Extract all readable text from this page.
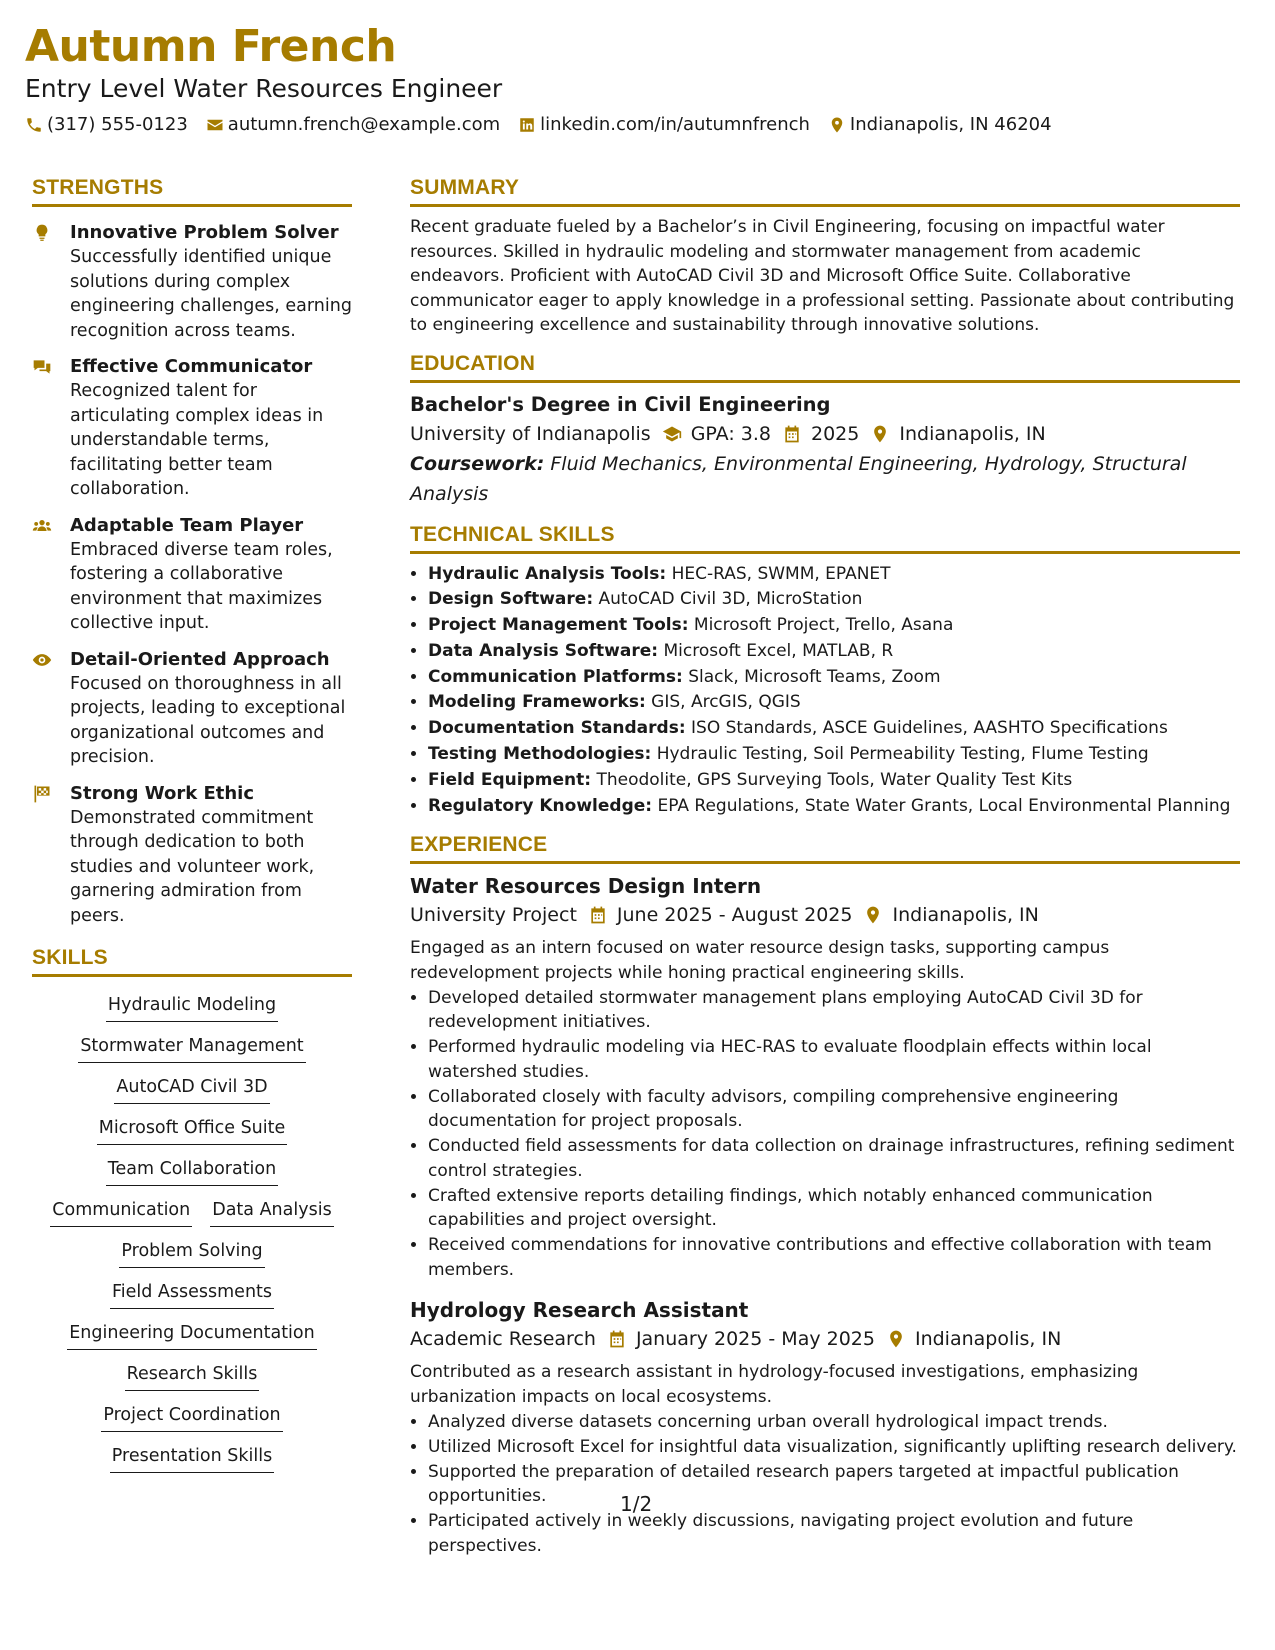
Autumn French
Entry Level Water Resources Engineer
(317) 555-0123 autumn.french@example.com linkedin.com/in/autumnfrench Indianapolis, IN 46204
STRENGTHS
Innovative Problem Solver
Successfully identified unique solutions during complex engineering challenges, earning recognition across teams.
Effective Communicator
Recognized talent for articulating complex ideas in understandable terms, facilitating better team collaboration.
Adaptable Team Player
Embraced diverse team roles, fostering a collaborative environment that maximizes collective input.
Detail-Oriented Approach
Focused on thoroughness in all projects, leading to exceptional organizational outcomes and precision.
Strong Work Ethic
Demonstrated commitment through dedication to both studies and volunteer work, garnering admiration from peers.
SKILLS
Hydraulic Modeling
Stormwater Management
AutoCAD Civil 3D
Microsoft Office Suite
Team Collaboration
Communication Data Analysis
Problem Solving
Field Assessments
Engineering Documentation
Research Skills
Project Coordination
Presentation Skills
SUMMARY

Recent graduate fueled by a Bachelor’s in Civil Engineering, focusing on impactful water resources. Skilled in hydraulic modeling and stormwater management from academic endeavors. Proficient with AutoCAD Civil 3D and Microsoft Office Suite. Collaborative communicator eager to apply knowledge in a professional setting. Passionate about contributing to engineering excellence and sustainability through innovative solutions.

EDUCATION
Bachelor's Degree in Civil Engineering
University of Indianapolis GPA: 3.8 2025 Indianapolis, IN
Coursework: Fluid Mechanics, Environmental Engineering, Hydrology, Structural Analysis
TECHNICAL SKILLS
• Hydraulic Analysis Tools: HEC-RAS, SWMM, EPANET
• Design Software: AutoCAD Civil 3D, MicroStation
• Project Management Tools: Microsoft Project, Trello, Asana
• Data Analysis Software: Microsoft Excel, MATLAB, R
• Communication Platforms: Slack, Microsoft Teams, Zoom
• Modeling Frameworks: GIS, ArcGIS, QGIS
• Documentation Standards: ISO Standards, ASCE Guidelines, AASHTO Specifications
• Testing Methodologies: Hydraulic Testing, Soil Permeability Testing, Flume Testing
• Field Equipment: Theodolite, GPS Surveying Tools, Water Quality Test Kits
• Regulatory Knowledge: EPA Regulations, State Water Grants, Local Environmental Planning
EXPERIENCE
Water Resources Design Intern
University Project June 2025 - August 2025 Indianapolis, IN
Engaged as an intern focused on water resource design tasks, supporting campus redevelopment projects while honing practical engineering skills.
• Developed detailed stormwater management plans employing AutoCAD Civil 3D for redevelopment initiatives.
• Performed hydraulic modeling via HEC-RAS to evaluate floodplain effects within local watershed studies.
• Collaborated closely with faculty advisors, compiling comprehensive engineering documentation for project proposals.
• Conducted field assessments for data collection on drainage infrastructures, refining sediment control strategies.
• Crafted extensive reports detailing findings, which notably enhanced communication capabilities and project oversight.
• Received commendations for innovative contributions and effective collaboration with team members.
Hydrology Research Assistant
Academic Research January 2025 - May 2025 Indianapolis, IN
Contributed as a research assistant in hydrology-focused investigations, emphasizing urbanization impacts on local ecosystems.
• Analyzed diverse datasets concerning urban overall hydrological impact trends.
• Utilized Microsoft Excel for insightful data visualization, significantly uplifting research delivery.
• Supported the preparation of detailed research papers targeted at impactful publication opportunities.
• Participated actively in weekly discussions, navigating project evolution and future perspectives.
1/2
